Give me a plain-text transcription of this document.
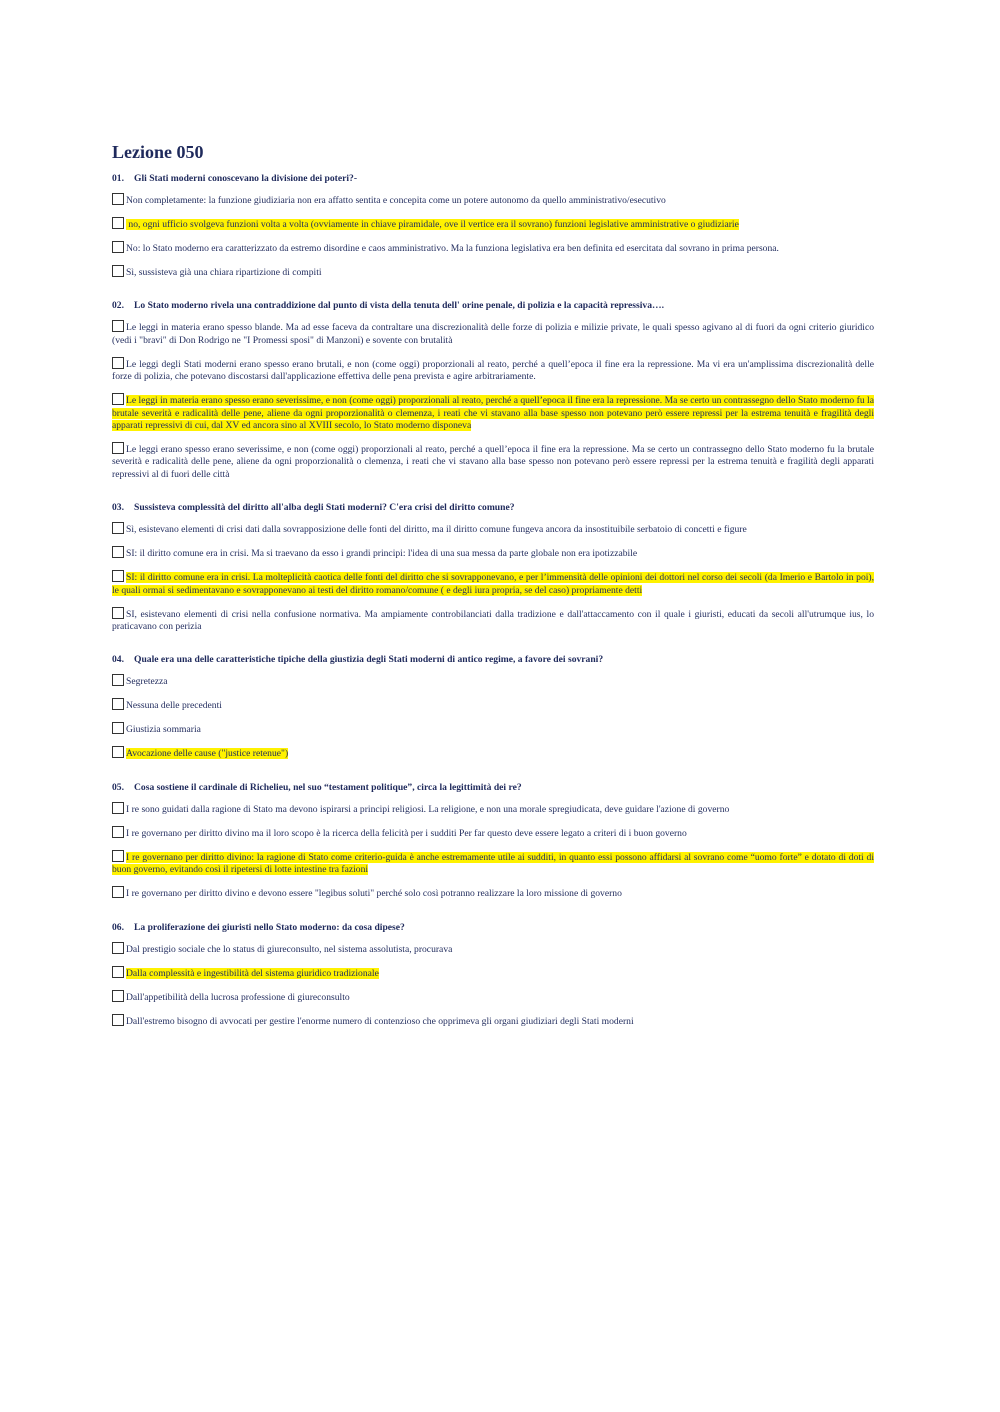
Lezione 050
01. Gli Stati moderni conoscevano la divisione dei poteri?-
Non completamente: la funzione giudiziaria non era affatto sentita e concepita come un potere autonomo da quello amministrativo/esecutivo
no, ogni ufficio svolgeva funzioni volta a volta (ovviamente in chiave piramidale, ove il vertice era il sovrano) funzioni legislative amministrative o giudiziarie
No: lo Stato moderno era caratterizzato da estremo disordine e caos amministrativo. Ma la funziona legislativa era ben definita ed esercitata dal sovrano in prima persona.
Sì, sussisteva già una chiara ripartizione di compiti
02. Lo Stato moderno rivela una contraddizione dal punto di vista della tenuta dell' orine penale, di polizia e la capacità repressiva….
Le leggi in materia erano spesso blande. Ma ad esse faceva da contraltare una discrezionalità delle forze di polizia e milizie private, le quali spesso agivano al di fuori da ogni criterio giuridico (vedi i "bravi" di Don Rodrigo ne "I Promessi sposi" di Manzoni) e sovente con brutalità
Le leggi degli Stati moderni erano spesso erano brutali, e non (come oggi) proporzionali al reato, perché a quell’epoca il fine era la repressione. Ma vi era un'amplissima discrezionalità delle forze di polizia, che potevano discostarsi dall'applicazione effettiva delle pena prevista e agire arbitrariamente.
Le leggi in materia erano spesso erano severissime, e non (come oggi) proporzionali al reato, perché a quell’epoca il fine era la repressione. Ma se certo un contrassegno dello Stato moderno fu la brutale severità e radicalità delle pene, aliene da ogni proporzionalità o clemenza, i reati che vi stavano alla base spesso non potevano però essere repressi per la estrema tenuità e fragilità degli apparati repressivi di cui, dal XV ed ancora sino al XVIII secolo, lo Stato moderno disponeva
Le leggi erano spesso erano severissime, e non (come oggi) proporzionali al reato, perché a quell’epoca il fine era la repressione. Ma se certo un contrassegno dello Stato moderno fu la brutale severità e radicalità delle pene, aliene da ogni proporzionalità o clemenza, i reati che vi stavano alla base spesso non potevano però essere repressi per la estrema tenuità e fragilità degli apparati repressivi al di fuori delle città
03. Sussisteva complessità del diritto all'alba degli Stati moderni? C'era crisi del diritto comune?
Sì, esistevano elementi di crisi dati dalla sovrapposizione delle fonti del diritto, ma il diritto comune fungeva ancora da insostituibile serbatoio di concetti e figure
SI: il diritto comune era in crisi. Ma si traevano da esso i grandi principi: l'idea di una sua messa da parte globale non era ipotizzabile
SI: il diritto comune era in crisi. La molteplicità caotica delle fonti del diritto che si sovrapponevano, e per l’immensità delle opinioni dei dottori nel corso dei secoli (da Imerio e Bartolo in poi), le quali ormai si sedimentavano e sovrapponevano ai testi del diritto romano/comune ( e degli iura propria, se del caso) propriamente detti
SI, esistevano elementi di crisi nella confusione normativa. Ma ampiamente controbilanciati dalla tradizione e dall'attaccamento con il quale i giuristi, educati da secoli all'utrumque ius, lo praticavano con perizia
04. Quale era una delle caratteristiche tipiche della giustizia degli Stati moderni di antico regime, a favore dei sovrani?
Segretezza
Nessuna delle precedenti
Giustizia sommaria
Avocazione delle cause ("justice retenue")
05. Cosa sostiene il cardinale di Richelieu, nel suo “testament politique”, circa la legittimità dei re?
I re sono guidati dalla ragione di Stato ma devono ispirarsi a principi religiosi. La religione, e non una morale spregiudicata, deve guidare l'azione di governo
I re governano per diritto divino ma il loro scopo è la ricerca della felicità per i sudditi Per far questo deve essere legato a criteri di i buon governo
I re governano per diritto divino: la ragione di Stato come criterio-guida è anche estremamente utile ai sudditi, in quanto essi possono affidarsi al sovrano come “uomo forte” e dotato di doti di buon governo, evitando così il ripetersi di lotte intestine tra fazioni
I re governano per diritto divino e devono essere "legibus soluti" perché solo così potranno realizzare la loro missione di governo
06. La proliferazione dei giuristi nello Stato moderno: da cosa dipese?
Dal prestigio sociale che lo status di giureconsulto, nel sistema assolutista, procurava
Dalla complessità e ingestibilità del sistema giuridico tradizionale
Dall'appetibilità della lucrosa professione di giureconsulto
Dall'estremo bisogno di avvocati per gestire l'enorme numero di contenzioso che opprimeva gli organi giudiziari degli Stati moderni
